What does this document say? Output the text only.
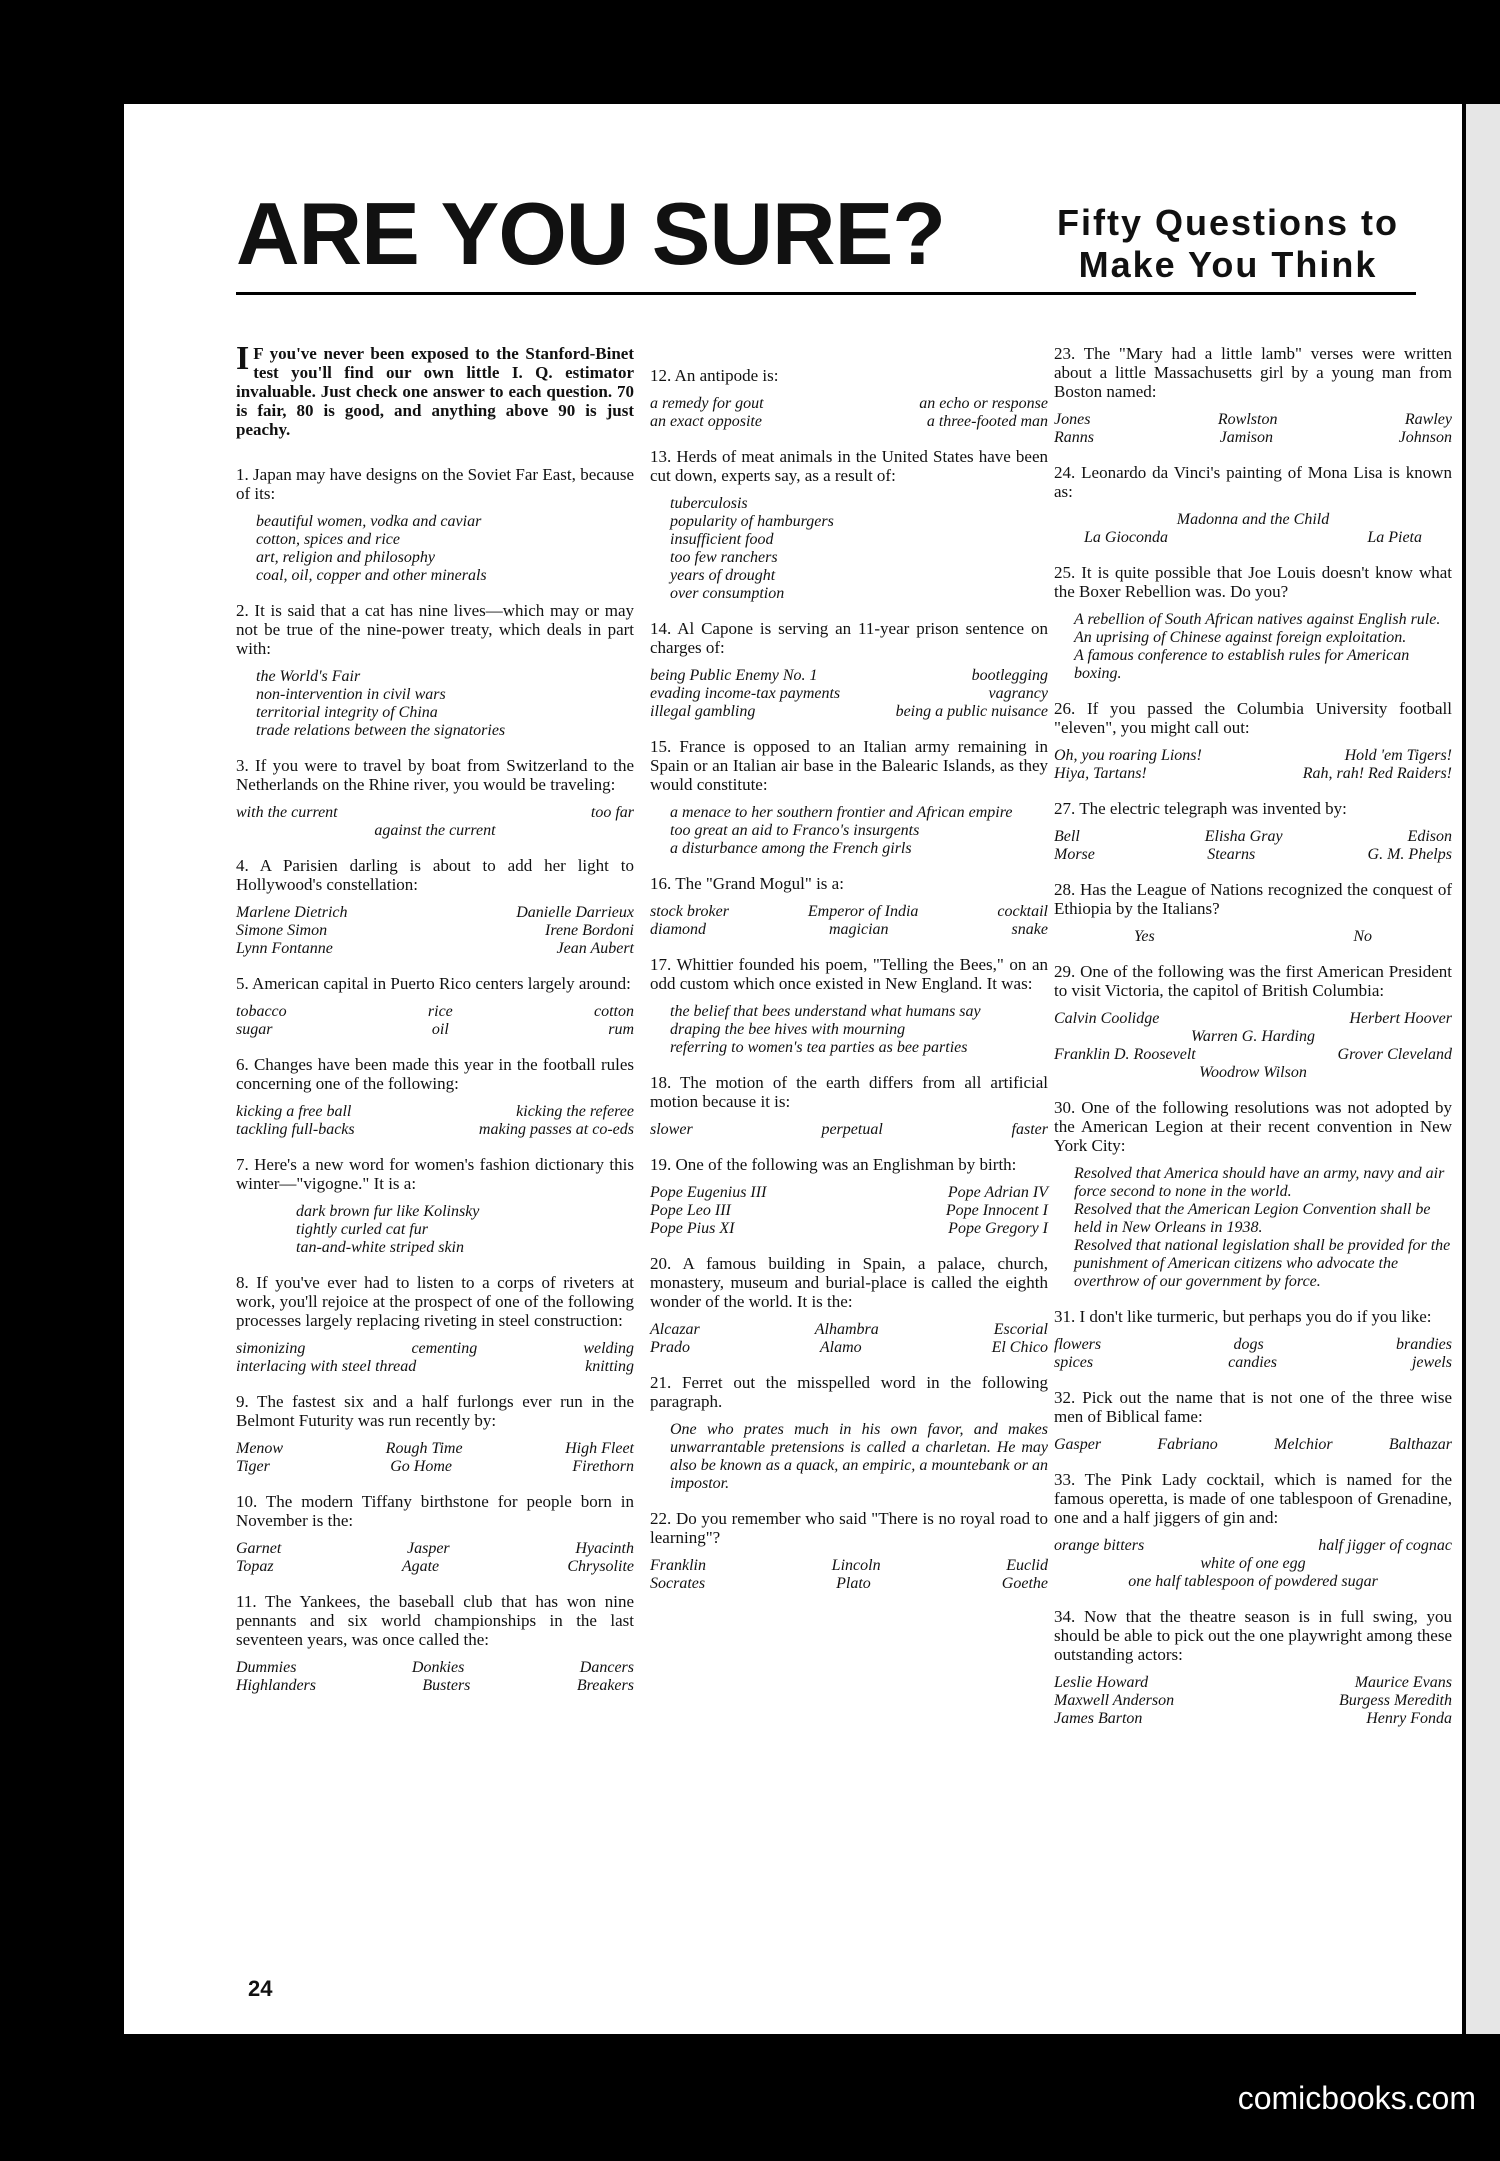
ARE YOU SURE?	Fifty Questions to
Make You Think
I F you've never been exposed to the Stanford-Binet test you'll find our own little I. Q. estimator invaluable. Just check one answer to each question. 70 is fair, 80 is good, and anything above 90 is just peachy.
1. Japan may have designs on the Soviet Far East, because of its:
beautiful women, vodka and caviar
cotton, spices and rice
art, religion and philosophy
coal, oil, copper and other minerals
2. It is said that a cat has nine lives—which may or may not be true of the nine-power treaty, which deals in part with:
the World's Fair
non-intervention in civil wars
territorial integrity of China
trade relations between the signatories
3. If you were to travel by boat from Switzerland to the Netherlands on the Rhine river, you would be traveling:
with the current	too far
against the current
4. A Parisien darling is about to add her light to Hollywood's constellation:
Marlene Dietrich	Danielle Darrieux
Simone Simon	Irene Bordoni
Lynn Fontanne	Jean Aubert
5. American capital in Puerto Rico centers largely around:
tobacco	rice	cotton
sugar	oil	rum
6. Changes have been made this year in the football rules concerning one of the following:
kicking a free ball	kicking the referee
tackling full-backs	making passes at co-eds
7. Here's a new word for women's fashion dictionary this winter—"vigogne." It is a:
dark brown fur like Kolinsky
tightly curled cat fur
tan-and-white striped skin
8. If you've ever had to listen to a corps of riveters at work, you'll rejoice at the prospect of one of the following processes largely replacing riveting in steel construction:
simonizing	cementing	welding
interlacing with steel thread	knitting
9. The fastest six and a half furlongs ever run in the Belmont Futurity was run recently by:
Menow	Rough Time	High Fleet
Tiger	Go Home	Firethorn
10. The modern Tiffany birthstone for people born in November is the:
Garnet	Jasper	Hyacinth
Topaz	Agate	Chrysolite
11. The Yankees, the baseball club that has won nine pennants and six world championships in the last seventeen years, was once called the:
Dummies	Donkies	Dancers
Highlanders	Busters	Breakers
12. An antipode is:
a remedy for gout	an echo or response
an exact opposite	a three-footed man
13. Herds of meat animals in the United States have been cut down, experts say, as a result of:
tuberculosis
popularity of hamburgers
insufficient food
too few ranchers
years of drought
over consumption
14. Al Capone is serving an 11-year prison sentence on charges of:
being Public Enemy No. 1	bootlegging
evading income-tax payments	vagrancy
illegal gambling	being a public nuisance
15. France is opposed to an Italian army remaining in Spain or an Italian air base in the Balearic Islands, as they would constitute:
a menace to her southern frontier and African empire
too great an aid to Franco's insurgents
a disturbance among the French girls
16. The "Grand Mogul" is a:
stock broker	Emperor of India	cocktail
diamond	magician	snake
17. Whittier founded his poem, "Telling the Bees," on an odd custom which once existed in New England. It was:
the belief that bees understand what humans say
draping the bee hives with mourning
referring to women's tea parties as bee parties
18. The motion of the earth differs from all artificial motion because it is:
slower	perpetual	faster
19. One of the following was an Englishman by birth:
Pope Eugenius III	Pope Adrian IV
Pope Leo III	Pope Innocent I
Pope Pius XI	Pope Gregory I
20. A famous building in Spain, a palace, church, monastery, museum and burial-place is called the eighth wonder of the world. It is the:
Alcazar	Alhambra	Escorial
Prado	Alamo	El Chico
21. Ferret out the misspelled word in the following paragraph.
One who prates much in his own favor, and makes unwarrantable pretensions is called a charletan. He may also be known as a quack, an empiric, a mountebank or an impostor.
22. Do you remember who said "There is no royal road to learning"?
Franklin	Lincoln	Euclid
Socrates	Plato	Goethe
23. The "Mary had a little lamb" verses were written about a little Massachusetts girl by a young man from Boston named:
Jones	Rowlston	Rawley
Ranns	Jamison	Johnson
24. Leonardo da Vinci's painting of Mona Lisa is known as:
Madonna and the Child
La Gioconda	La Pieta
25. It is quite possible that Joe Louis doesn't know what the Boxer Rebellion was. Do you?
A rebellion of South African natives against English rule.
An uprising of Chinese against foreign exploitation.
A famous conference to establish rules for American boxing.
26. If you passed the Columbia University football "eleven", you might call out:
Oh, you roaring Lions!	Hold 'em Tigers!
Hiya, Tartans!	Rah, rah! Red Raiders!
27. The electric telegraph was invented by:
Bell	Elisha Gray	Edison
Morse	Stearns	G. M. Phelps
28. Has the League of Nations recognized the conquest of Ethiopia by the Italians?
Yes	No
29. One of the following was the first American President to visit Victoria, the capitol of British Columbia:
Calvin Coolidge	Herbert Hoover
Warren G. Harding
Franklin D. Roosevelt	Grover Cleveland
Woodrow Wilson
30. One of the following resolutions was not adopted by the American Legion at their recent convention in New York City:
Resolved that America should have an army, navy and air force second to none in the world.
Resolved that the American Legion Convention shall be held in New Orleans in 1938.
Resolved that national legislation shall be provided for the punishment of American citizens who advocate the overthrow of our government by force.
31. I don't like turmeric, but perhaps you do if you like:
flowers	dogs	brandies
spices	candies	jewels
32. Pick out the name that is not one of the three wise men of Biblical fame:
Gasper	Fabriano	Melchior	Balthazar
33. The Pink Lady cocktail, which is named for the famous operetta, is made of one tablespoon of Grenadine, one and a half jiggers of gin and:
orange bitters	half jigger of cognac
white of one egg
one half tablespoon of powdered sugar
34. Now that the theatre season is in full swing, you should be able to pick out the one playwright among these outstanding actors:
Leslie Howard	Maurice Evans
Maxwell Anderson	Burgess Meredith
James Barton	Henry Fonda
24
comicbooks.com
